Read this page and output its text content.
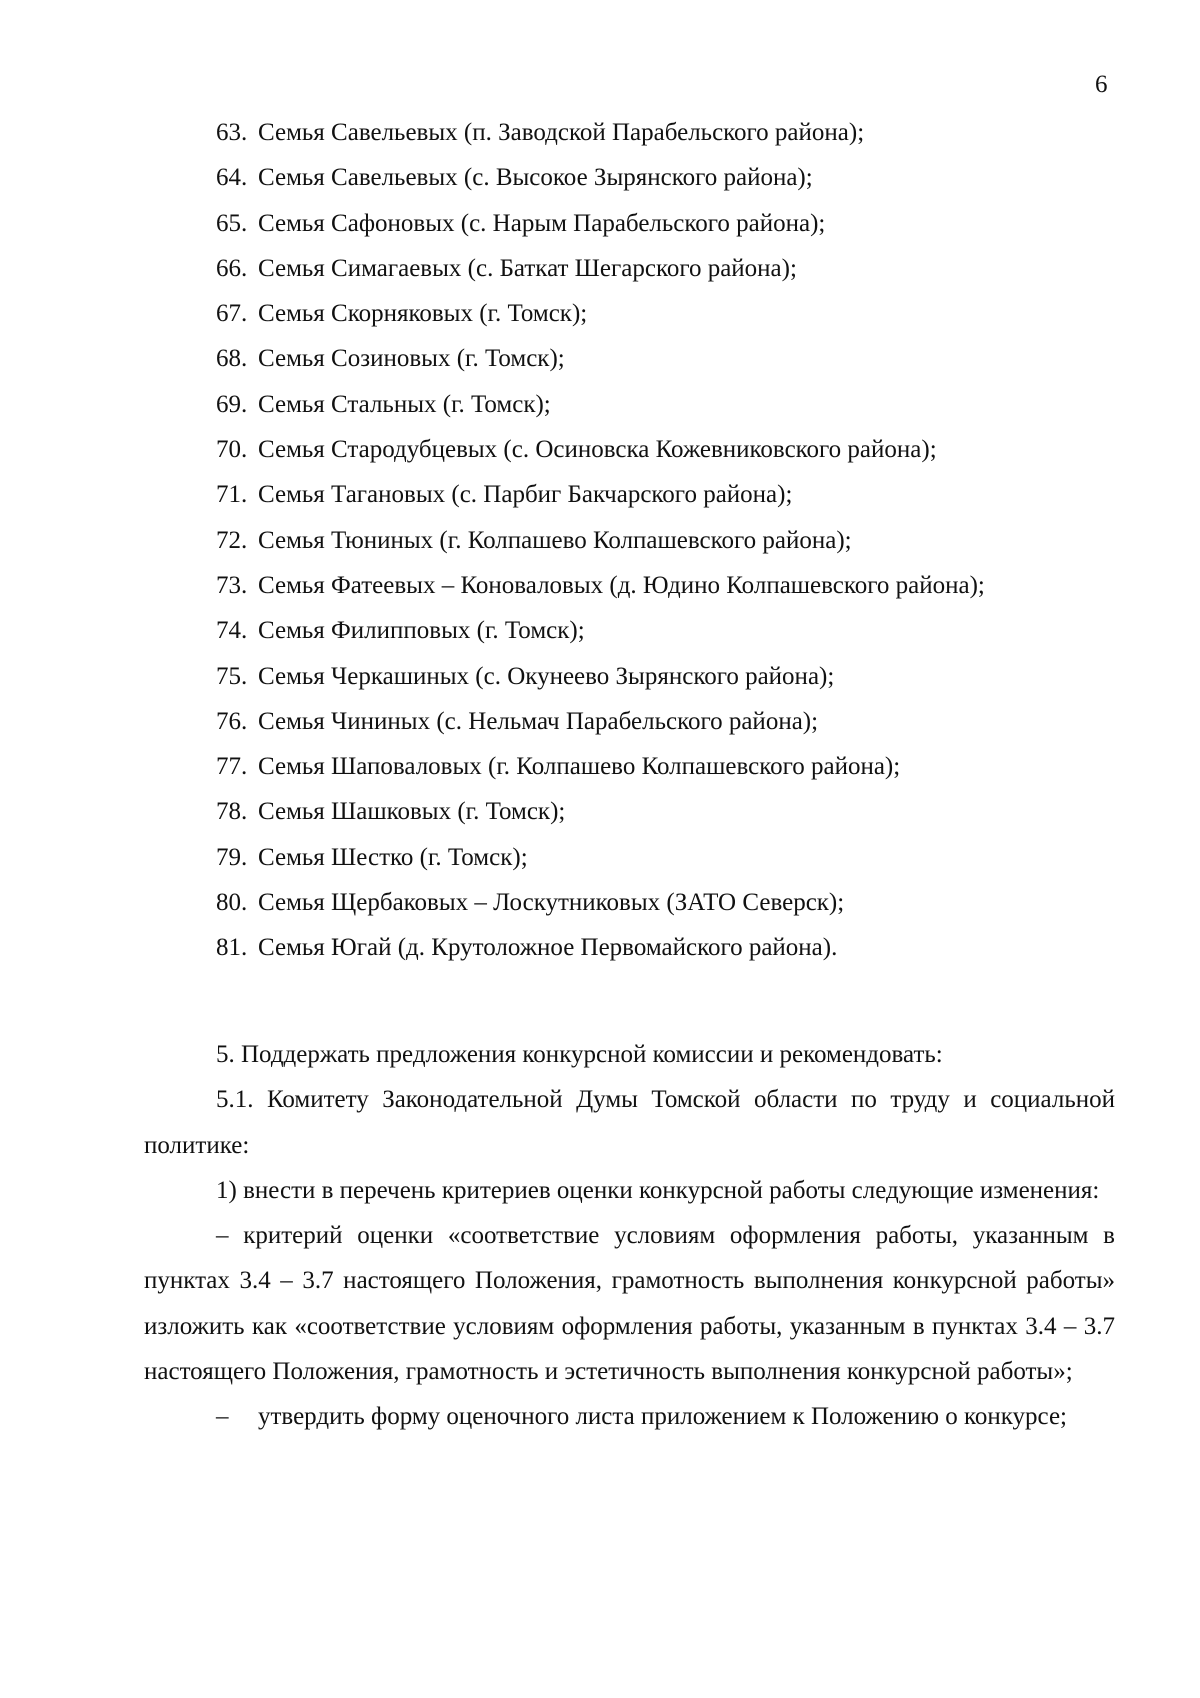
6
63. Семья Савельевых (п. Заводской Парабельского района);
64. Семья Савельевых (с. Высокое Зырянского района);
65. Семья Сафоновых (с. Нарым Парабельского района);
66. Семья Симагаевых (с. Баткат Шегарского района);
67. Семья Скорняковых (г. Томск);
68. Семья Созиновых (г. Томск);
69. Семья Стальных (г. Томск);
70. Семья Стародубцевых (с. Осиновска Кожевниковского района);
71. Семья Тагановых (с. Парбиг Бакчарского района);
72. Семья Тюниных (г. Колпашево Колпашевского района);
73. Семья Фатеевых – Коноваловых (д. Юдино Колпашевского района);
74. Семья Филипповых (г. Томск);
75. Семья Черкашиных (с. Окунеево Зырянского района);
76. Семья Чининых (с. Нельмач Парабельского района);
77. Семья Шаповаловых (г. Колпашево Колпашевского района);
78. Семья Шашковых (г. Томск);
79. Семья Шестко (г. Томск);
80. Семья Щербаковых – Лоскутниковых (ЗАТО Северск);
81. Семья Югай (д. Крутоложное Первомайского района).

5. Поддержать предложения конкурсной комиссии и рекомендовать:

5.1. Комитету Законодательной Думы Томской области по труду и социальной политике:

1) внести в перечень критериев оценки конкурсной работы следующие изменения:

– критерий оценки «соответствие условиям оформления работы, указанным в пунктах 3.4 – 3.7 настоящего Положения, грамотность выполнения конкурсной работы» изложить как «соответствие условиям оформления работы, указанным в пунктах 3.4 – 3.7 настоящего Положения, грамотность и эстетичность выполнения конкурсной работы»;

– утвердить форму оценочного листа приложением к Положению о конкурсе;
